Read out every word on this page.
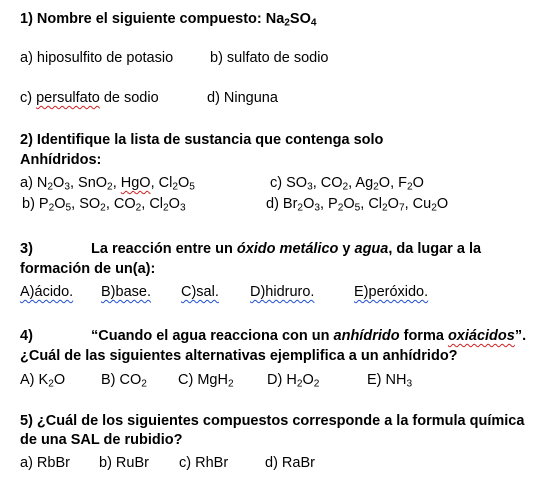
1) Nombre el siguiente compuesto: $Na_2SO_4$
a) hiposulfito de potasio	b) sulfato de sodio
c) persulfato de sodio	d) Ninguna
2) Identifique la lista de sustancia que contenga solo
Anhídridos:
a) $N_2O_3$, SnO$_2$, HgO, $Cl_2O_5$	c) $SO_3$, $CO_2$, $Ag_2O$, $F_2O$
b) $P_2O_5$, $SO_2$, $CO_2$, $Cl_2O_3$	d) $Br_2O_3$, $P_2O_5$, $Cl_2O_7$, $Cu_2O$
3)	La reacción entre un óxido metálico y agua, da lugar a la
formación de un(a):
A)ácido. B)base. C)sal. D)hidruro.	E)peróxido.
4)	“Cuando el agua reacciona con un anhídrido forma oxiácidos”.
¿Cuál de las siguientes alternativas ejemplifica a un anhídrido?
A) $K_2O$ B) $CO_2$ C) MgH$_2$ D) $H_2O_2$	E) $NH_3$
5) ¿Cuál de los siguientes compuestos corresponde a la formula química
de una SAL de rubidio?
a) RbBr b) RuBr c) RhBr	d) RaBr
